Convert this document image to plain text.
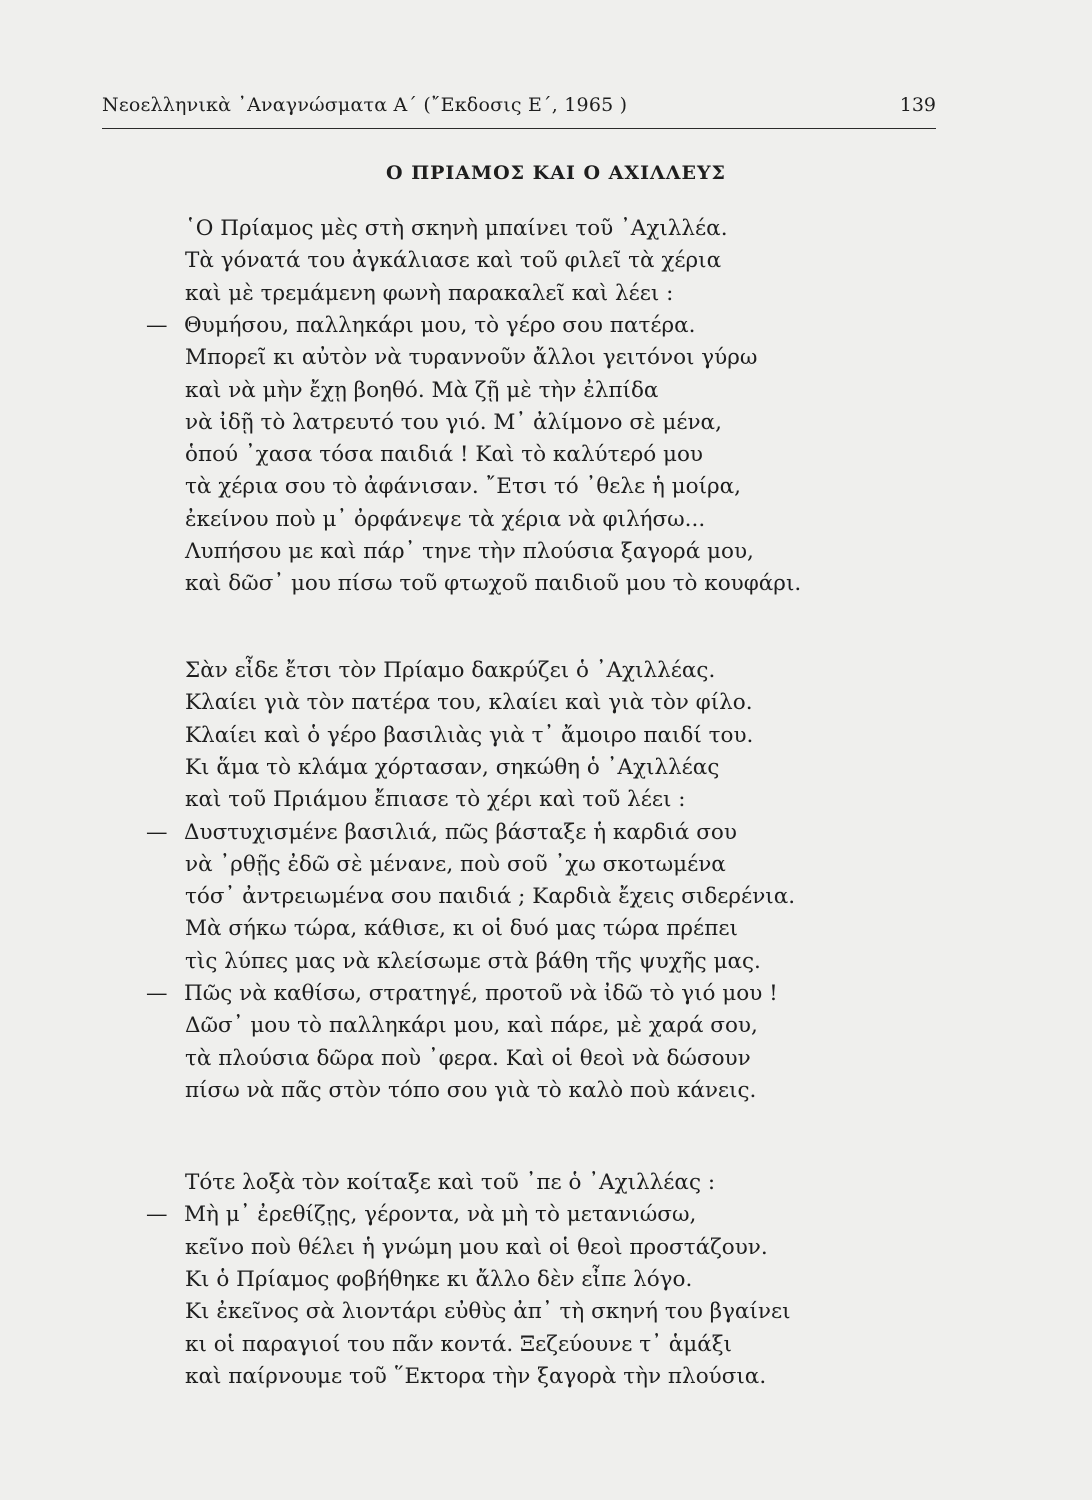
Νεοελληνικὰ ᾽Αναγνώσματα Α΄ (῎Εκδοσις Ε΄, 1965 )	139
Ο ΠΡΙΑΜΟΣ ΚΑΙ Ο ΑΧΙΛΛΕΥΣ
῾Ο Πρίαμος μὲς στὴ σκηνὴ μπαίνει τοῦ ᾽Αχιλλέα.
Τὰ γόνατά του ἀγκάλιασε καὶ τοῦ φιλεῖ τὰ χέρια
καὶ μὲ τρεμάμενη φωνὴ παρακαλεῖ καὶ λέει :
— Θυμήσου, παλληκάρι μου, τὸ γέρο σου πατέρα.
Μπορεῖ κι αὐτὸν νὰ τυραννοῦν ἄλλοι γειτόνοι γύρω
καὶ νὰ μὴν ἔχῃ βοηθό. Μὰ ζῇ μὲ τὴν ἐλπίδα
νὰ ἰδῇ τὸ λατρευτό του γιό. Μ᾽ ἀλίμονο σὲ μένα,
ὁπού ᾽χασα τόσα παιδιά ! Καὶ τὸ καλύτερό μου
τὰ χέρια σου τὸ ἀφάνισαν. ῎Ετσι τό ᾽θελε ἡ μοίρα,
ἐκείνου ποὺ μ᾽ ὀρφάνεψε τὰ χέρια νὰ φιλήσω...
Λυπήσου με καὶ πάρ᾽ τηνε τὴν πλούσια ξαγορά μου,
καὶ δῶσ᾽ μου πίσω τοῦ φτωχοῦ παιδιοῦ μου τὸ κουφάρι.
Σὰν εἶδε ἔτσι τὸν Πρίαμο δακρύζει ὁ ᾽Αχιλλέας.
Κλαίει γιὰ τὸν πατέρα του, κλαίει καὶ γιὰ τὸν φίλο.
Κλαίει καὶ ὁ γέρο βασιλιὰς γιὰ τ᾽ ἄμοιρο παιδί του.
Κι ἅμα τὸ κλάμα χόρτασαν, σηκώθη ὁ ᾽Αχιλλέας
καὶ τοῦ Πριάμου ἔπιασε τὸ χέρι καὶ τοῦ λέει :
— Δυστυχισμένε βασιλιά, πῶς βάσταξε ἡ καρδιά σου
νὰ ᾽ρθῇς ἐδῶ σὲ μένανε, ποὺ σοῦ ᾽χω σκοτωμένα
τόσ᾽ ἀντρειωμένα σου παιδιά ; Καρδιὰ ἔχεις σιδερένια.
Μὰ σήκω τώρα, κάθισε, κι οἱ δυό μας τώρα πρέπει
τὶς λύπες μας νὰ κλείσωμε στὰ βάθη τῆς ψυχῆς μας.
— Πῶς νὰ καθίσω, στρατηγέ, προτοῦ νὰ ἰδῶ τὸ γιό μου !
Δῶσ᾽ μου τὸ παλληκάρι μου, καὶ πάρε, μὲ χαρά σου,
τὰ πλούσια δῶρα ποὺ ᾽φερα. Καὶ οἱ θεοὶ νὰ δώσουν
πίσω νὰ πᾶς στὸν τόπο σου γιὰ τὸ καλὸ ποὺ κάνεις.
Τότε λοξὰ τὸν κοίταξε καὶ τοῦ ᾽πε ὁ ᾽Αχιλλέας :
— Μὴ μ᾽ ἐρεθίζῃς, γέροντα, νὰ μὴ τὸ μετανιώσω,
κεῖνο ποὺ θέλει ἡ γνώμη μου καὶ οἱ θεοὶ προστάζουν.
Κι ὁ Πρίαμος φοβήθηκε κι ἄλλο δὲν εἶπε λόγο.
Κι ἐκεῖνος σὰ λιοντάρι εὐθὺς ἀπ᾽ τὴ σκηνή του βγαίνει
κι οἱ παραγιοί του πᾶν κοντά. Ξεζεύουνε τ᾽ ἁμάξι
καὶ παίρνουμε τοῦ ῞Εκτορα τὴν ξαγορὰ τὴν πλούσια.
